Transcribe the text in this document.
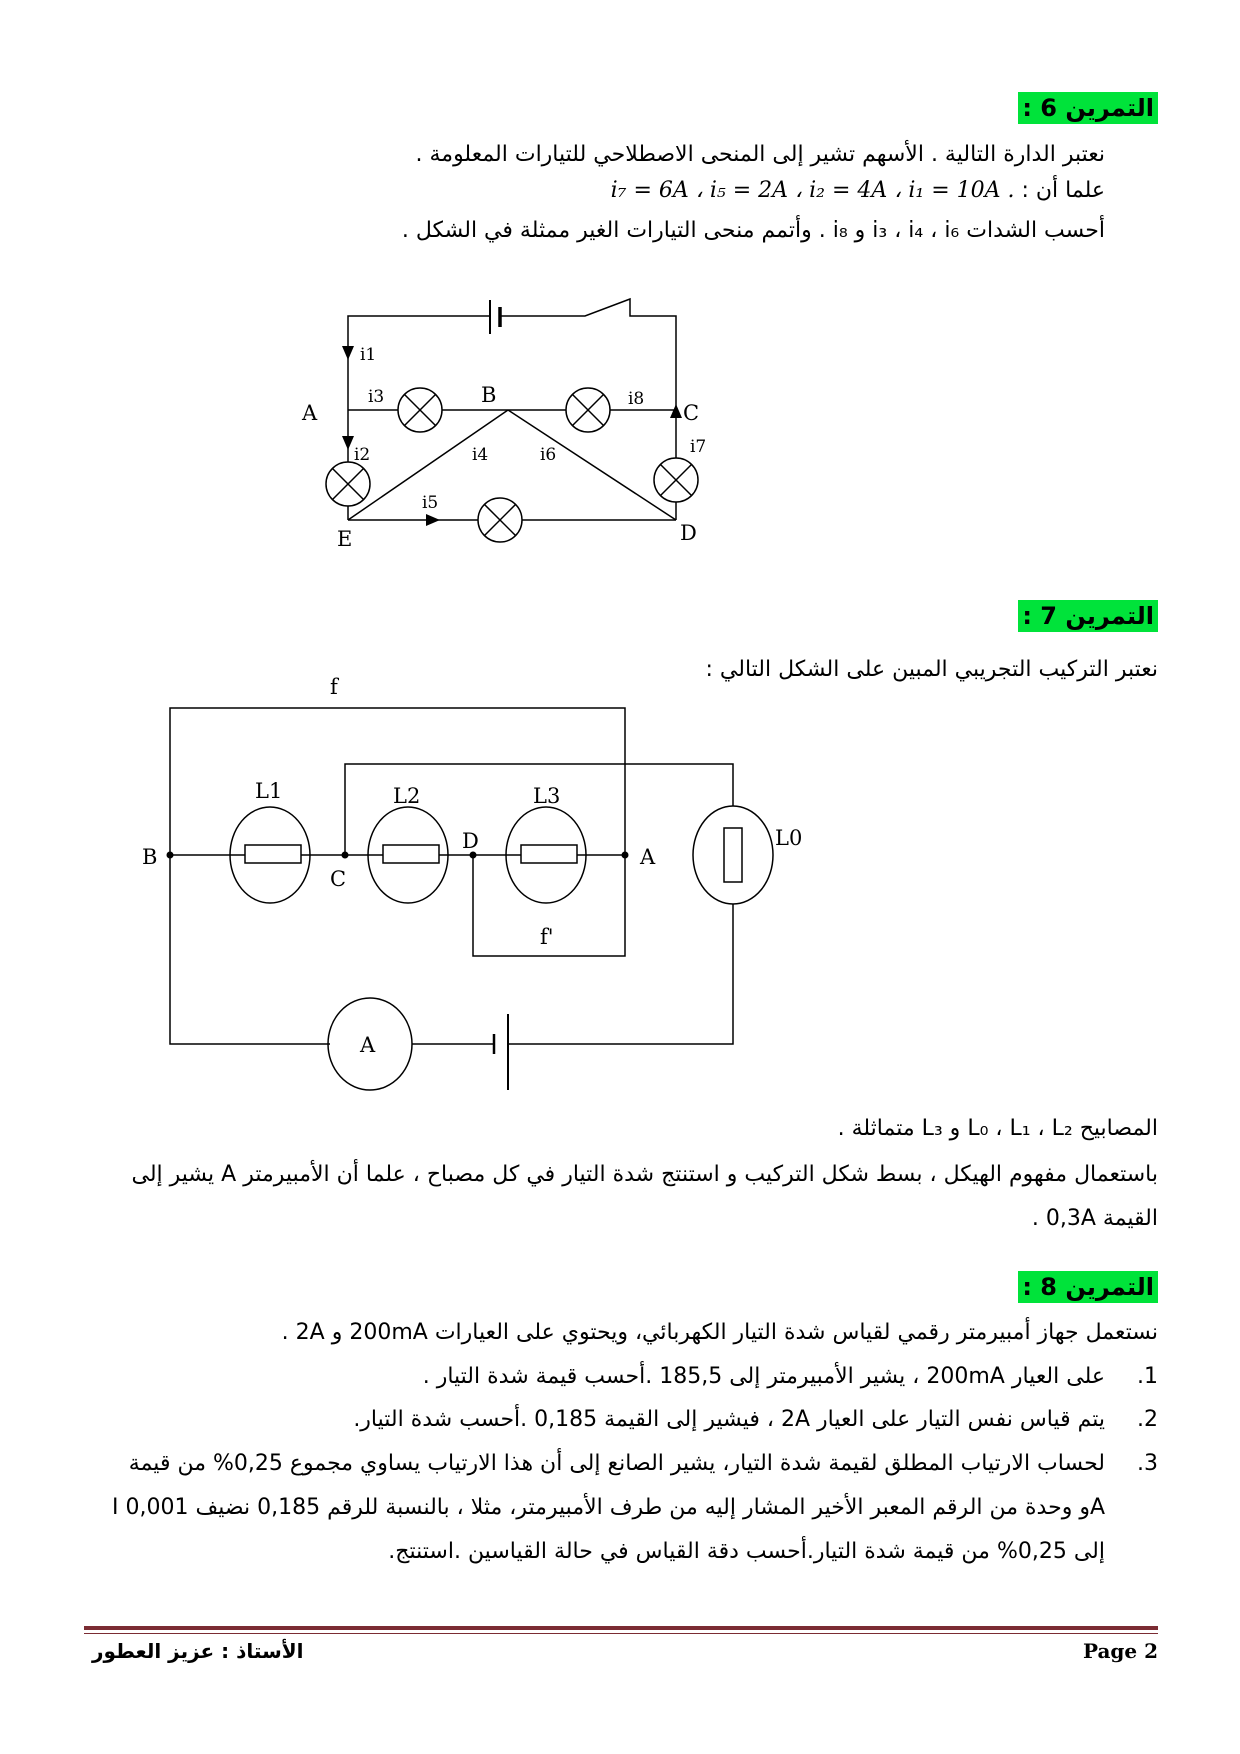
التمرين 6 :
نعتبر الدارة التالية . الأسهم تشير إلى المنحى الاصطلاحي للتيارات المعلومة .
علما أن : i₇ = 6A ، i₅ = 2A ، i₂ = 4A ، i₁ = 10A .
أحسب الشدات i₃ ، i₄ ، i₆ و i₈ . وأتمم منحى التيارات الغير ممثلة في الشكل .
A
B
C
D
E
i1
i3	i8
i2	i4	i6	i7
i5
f
f'
B
C
D
A
L1	L2	L3
L0
A
التمرين 7 :
نعتبر التركيب التجريبي المبين على الشكل التالي :
المصابيح L₀ ، L₁ ، L₂ و L₃ متماثلة .
باستعمال مفهوم الهيكل ، بسط شكل التركيب و استنتج شدة التيار في كل مصباح ، علما أن الأمبيرمتر A يشير إلى
القيمة 0,3A .
التمرين 8 :
نستعمل جهاز أمبيرمتر رقمي لقياس شدة التيار الكهربائي، ويحتوي على العيارات 200mA و 2A .
1.
على العيار 200mA ، يشير الأمبيرمتر إلى 185,5 .أحسب قيمة شدة التيار .
2.
يتم قياس نفس التيار على العيار 2A ، فيشير إلى القيمة 0,185 .أحسب شدة التيار.
3.
لحساب الارتياب المطلق لقيمة شدة التيار، يشير الصانع إلى أن هذا الارتياب يساوي مجموع 0,25% من قيمة
I و وحدة من الرقم المعبر الأخير المشار إليه من طرف الأمبيرمتر، مثلا ، بالنسبة للرقم 0,185 نضيف 0,001A
إلى 0,25% من قيمة شدة التيار.أحسب دقة القياس في حالة القياسين .استنتج.
الأستاذ : عزيز العطور	Page 2
